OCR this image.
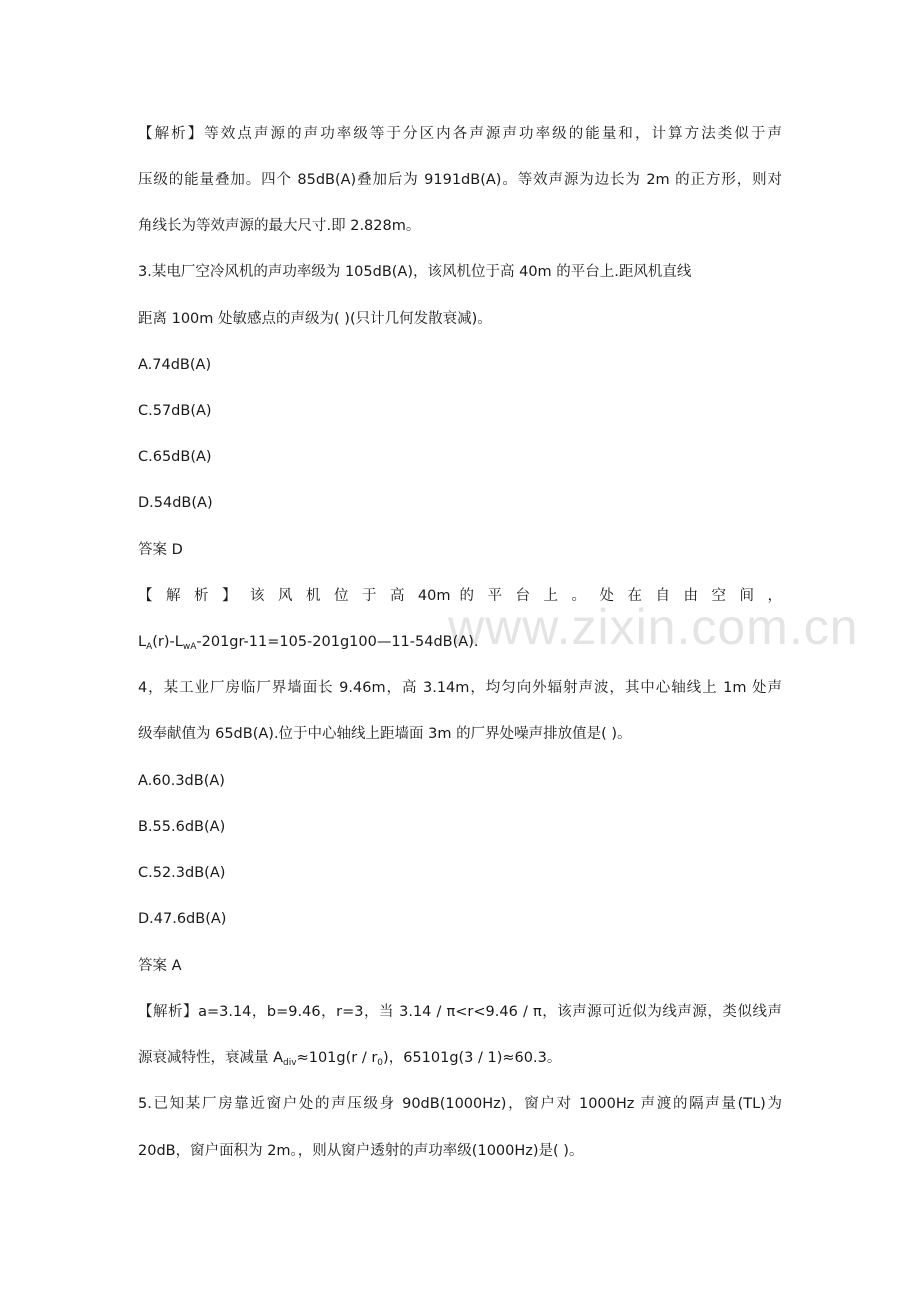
www.zixin.com.cn
【解析】等效点声源的声功率级等于分区内各声源声功率级的能量和，计算方法类似于声
压级的能量叠加。四个 85dB(A)叠加后为 9191dB(A)。等效声源为边长为 2m 的正方形，则对
角线长为等效声源的最大尺寸.即 2.828m。
3.某电厂空冷风机的声功率级为 105dB(A)，该风机位于高 40m 的平台上.距风机直线
距离 100m 处敏感点的声级为( )(只计几何发散衰减)。
A.74dB(A)
C.57dB(A)
C.65dB(A)
D.54dB(A)
答案 D
【 解 析 】 该 风 机 位 于 高 40m 的 平 台 上 。 处 在 自 由 空 间 ，
$L_A(r)-L_{wA}-201gr-11=105-201g100—11-54dB(A)$.
4，某工业厂房临厂界墙面长 9.46m，高 3.14m，均匀向外辐射声波，其中心轴线上 1m 处声
级奉献值为 65dB(A).位于中心轴线上距墙面 3m 的厂界处噪声排放值是( )。
A.60.3dB(A)
B.55.6dB(A)
C.52.3dB(A)
D.47.6dB(A)
答案 A
【解析】a=3.14，b=9.46，r=3，当 3.14 / π<r<9.46 / π，该声源可近似为线声源，类似线声
源衰减特性，衰减量 $A_{div}\approx 101g(r / r_0)$，65101g(3 / 1)≈60.3。
5.已知某厂房靠近窗户处的声压级身 90dB(1000Hz)，窗户对 1000Hz 声渡的隔声量(TL)为
20dB，窗户面积为 2m。，则从窗户透射的声功率级(1000Hz)是( )。
